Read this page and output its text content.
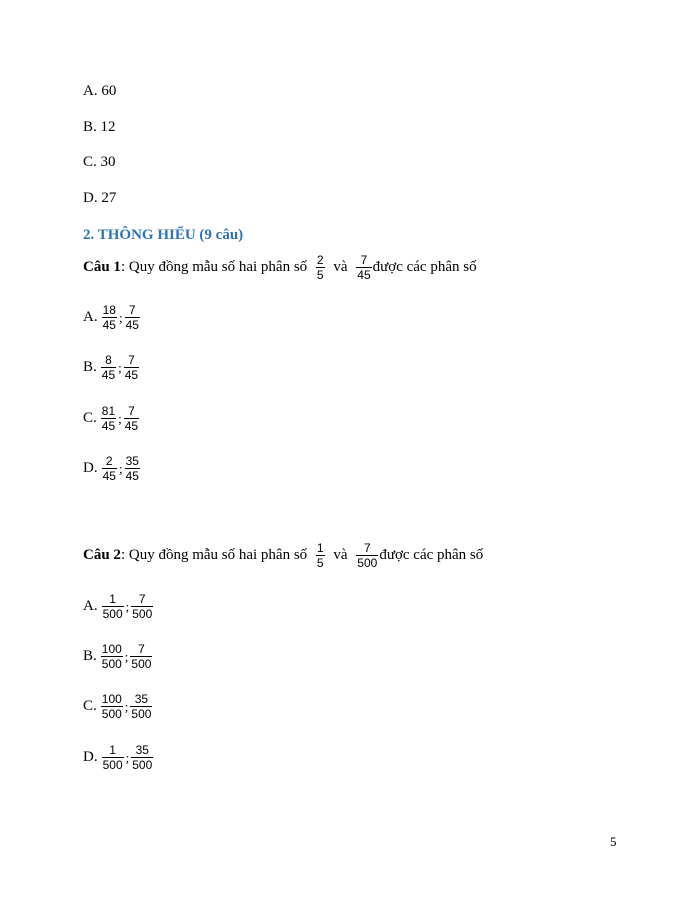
A. 60
B. 12
C. 30
D. 27
2. THÔNG HIỂU (9 câu)
Câu 1: Quy đồng mẫu số hai phân số $\frac{2}{5}$ và $\frac{7}{45}$ được các phân số
A. $\frac{18}{45}$ ; $\frac{7}{45}$
B. $\frac{8}{45}$ ; $\frac{7}{45}$
C. $\frac{81}{45}$ ; $\frac{7}{45}$
D. $\frac{2}{45}$ ; $\frac{35}{45}$
Câu 2: Quy đồng mẫu số hai phân số $\frac{1}{5}$ và $\frac{7}{500}$ được các phân số
A. $\frac{1}{500}$ ; $\frac{7}{500}$
B. $\frac{100}{500}$ ; $\frac{7}{500}$
C. $\frac{100}{500}$ ; $\frac{35}{500}$
D. $\frac{1}{500}$ ; $\frac{35}{500}$
5
